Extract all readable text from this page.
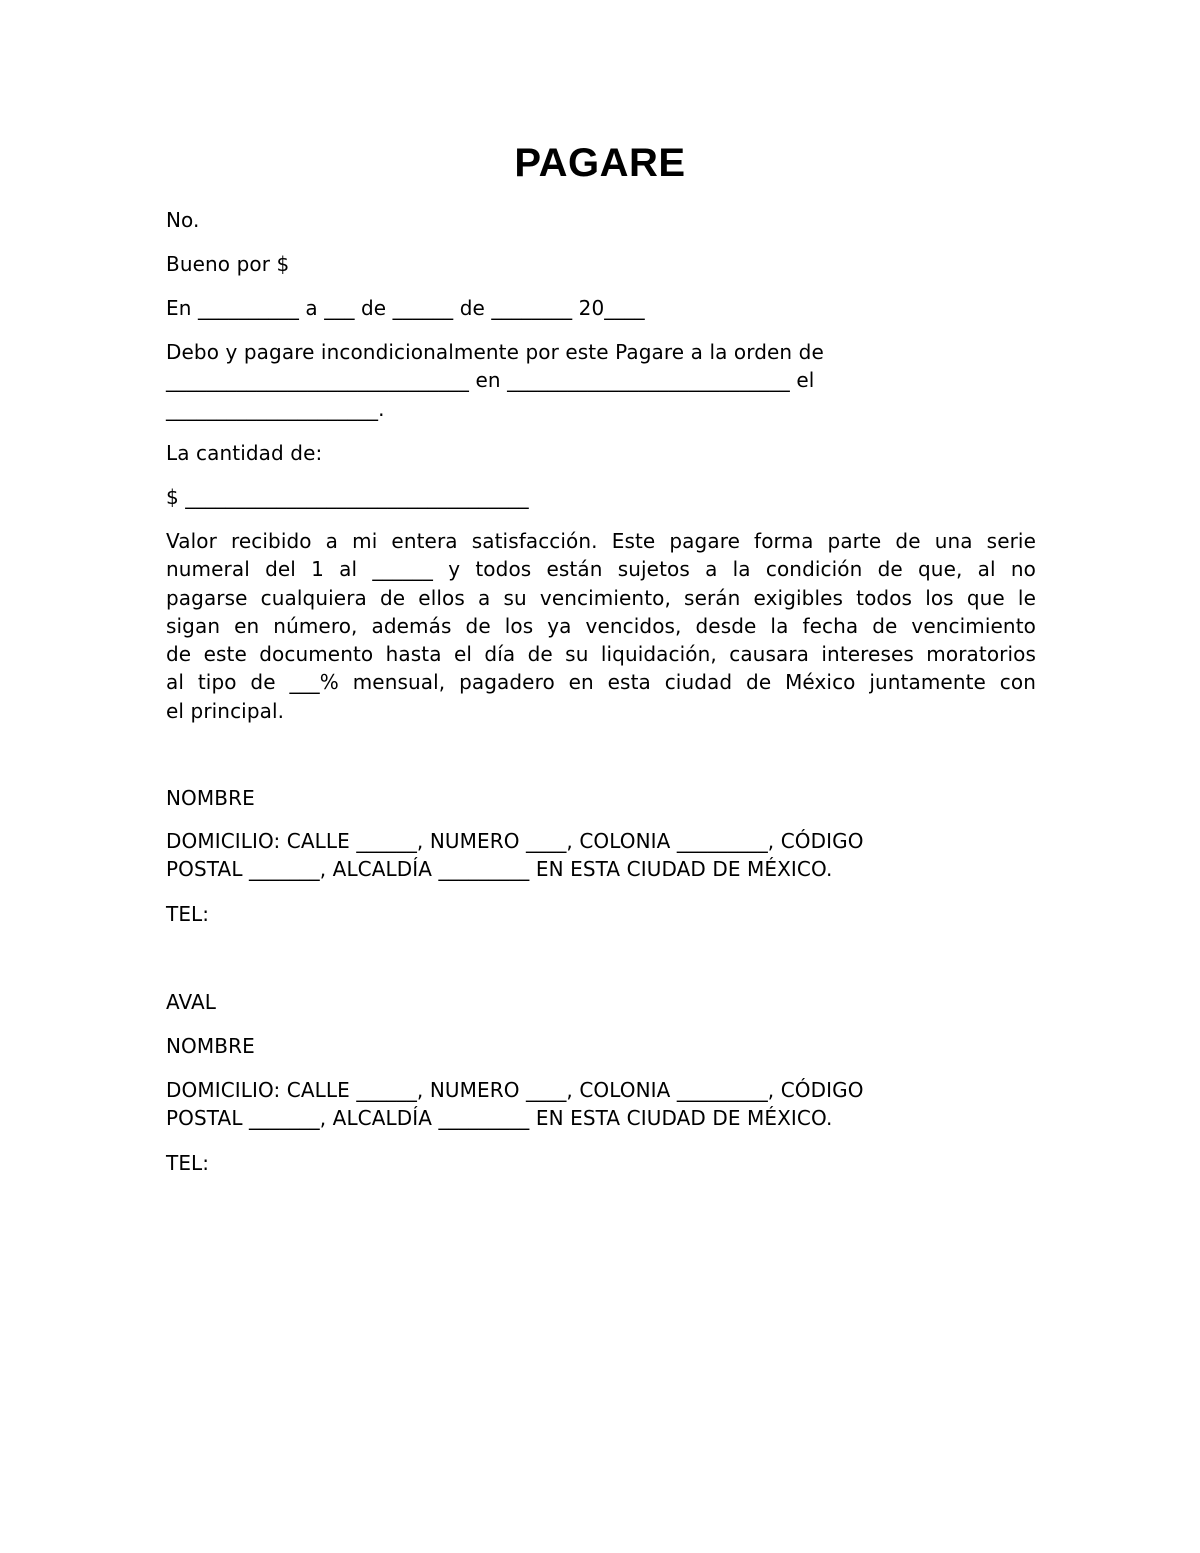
PAGARE
No.
Bueno por $
En __________ a ___ de ______ de ________ 20____
Debo y pagare incondicionalmente por este Pagare a la orden de
______________________________ en ____________________________ el
_____________________.
La cantidad de:
$ __________________________________
Valor recibido a mi entera satisfacción. Este pagare forma parte de una serie
numeral del 1 al ______ y todos están sujetos a la condición de que, al no
pagarse cualquiera de ellos a su vencimiento, serán exigibles todos los que le
sigan en número, además de los ya vencidos, desde la fecha de vencimiento
de este documento hasta el día de su liquidación, causara intereses moratorios
al tipo de ___% mensual, pagadero en esta ciudad de México juntamente con
el principal.
NOMBRE
DOMICILIO: CALLE ______, NUMERO ____, COLONIA _________, CÓDIGO
POSTAL _______, ALCALDÍA _________ EN ESTA CIUDAD DE MÉXICO.
TEL:
AVAL
NOMBRE
DOMICILIO: CALLE ______, NUMERO ____, COLONIA _________, CÓDIGO
POSTAL _______, ALCALDÍA _________ EN ESTA CIUDAD DE MÉXICO.
TEL:
